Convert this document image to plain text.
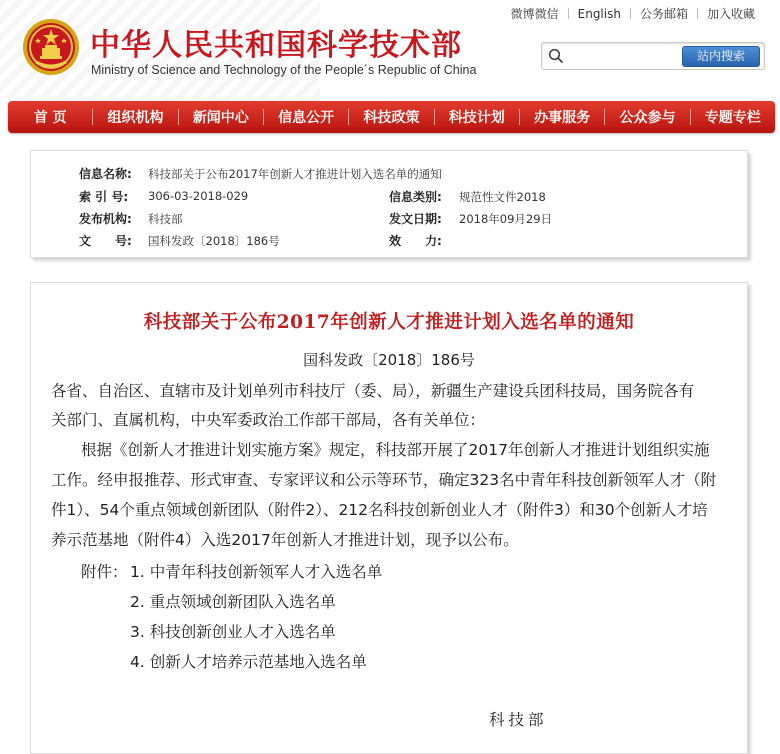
中华人民共和国科学技术部
Ministry of Science and Technology of the People´s Republic of China
微博微信	English	公务邮箱	加入收藏
站内搜索
首 页	组织机构	新闻中心	信息公开	科技政策	科技计划	办事服务	公众参与	专题专栏
信息名称: 科技部关于公布2017年创新人才推进计划入选名单的通知
索 引 号: 306-03-2018-029	信息类别: 规范性文件2018
发布机构: 科技部	发文日期: 2018年09月29日
文　　号: 国科发政〔2018〕186号	效　　力:
科技部关于公布2017年创新人才推进计划入选名单的通知
国科发政〔2018〕186号
各省、自治区、直辖市及计划单列市科技厅（委、局），新疆生产建设兵团科技局，国务院各有
关部门、直属机构，中央军委政治工作部干部局，各有关单位：
根据《创新人才推进计划实施方案》规定，科技部开展了2017年创新人才推进计划组织实施
工作。经申报推荐、形式审查、专家评议和公示等环节，确定323名中青年科技创新领军人才（附
件1）、54个重点领域创新团队（附件2）、212名科技创新创业人才（附件3）和30个创新人才培
养示范基地（附件4）入选2017年创新人才推进计划，现予以公布。
附件： 1. 中青年科技创新领军人才入选名单
2. 重点领域创新团队入选名单
3. 科技创新创业人才入选名单
4. 创新人才培养示范基地入选名单
科技部
